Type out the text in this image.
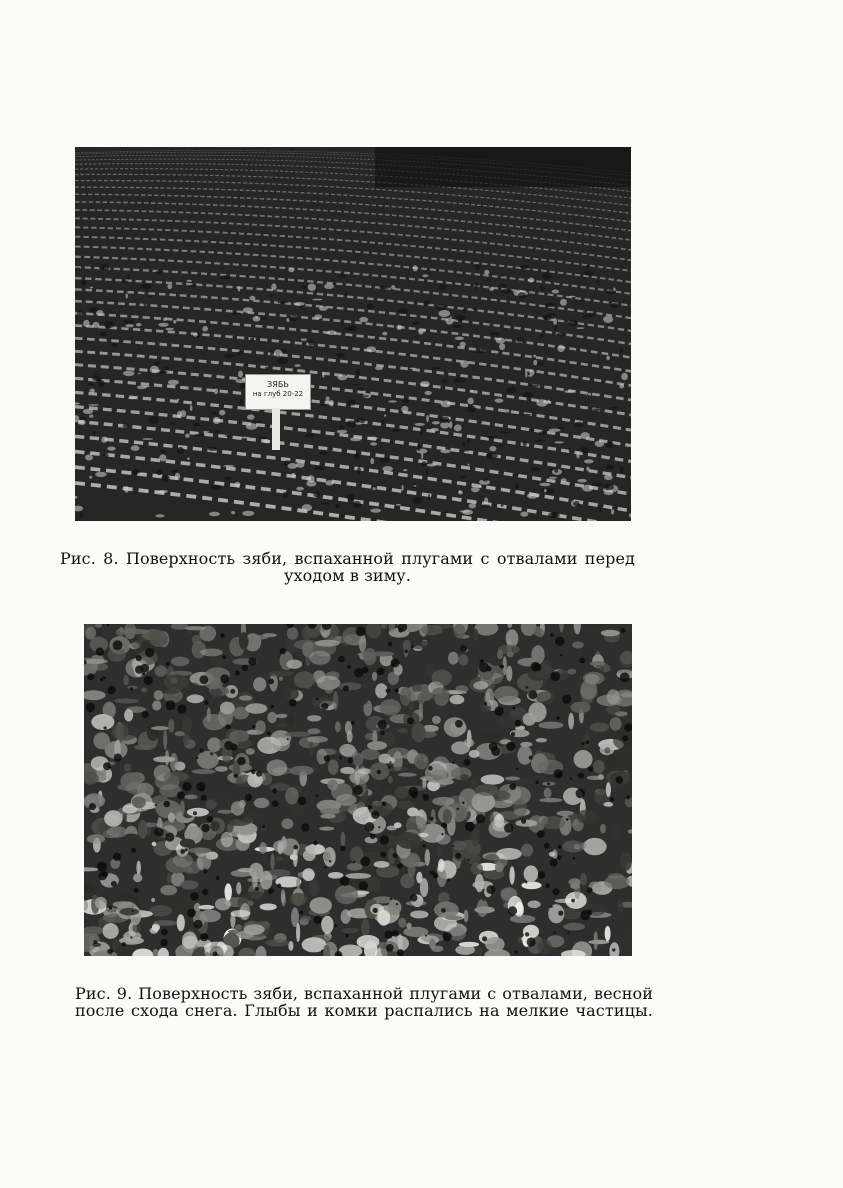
ЗЯБЬ
на глуб 20-22
Рис. 8. Поверхность зяби, вспаханной плугами с отвалами перед
уходом в зиму.
Рис. 9. Поверхность зяби, вспаханной плугами с отвалами, весной
после схода снега. Глыбы и комки распались на мелкие частицы.
